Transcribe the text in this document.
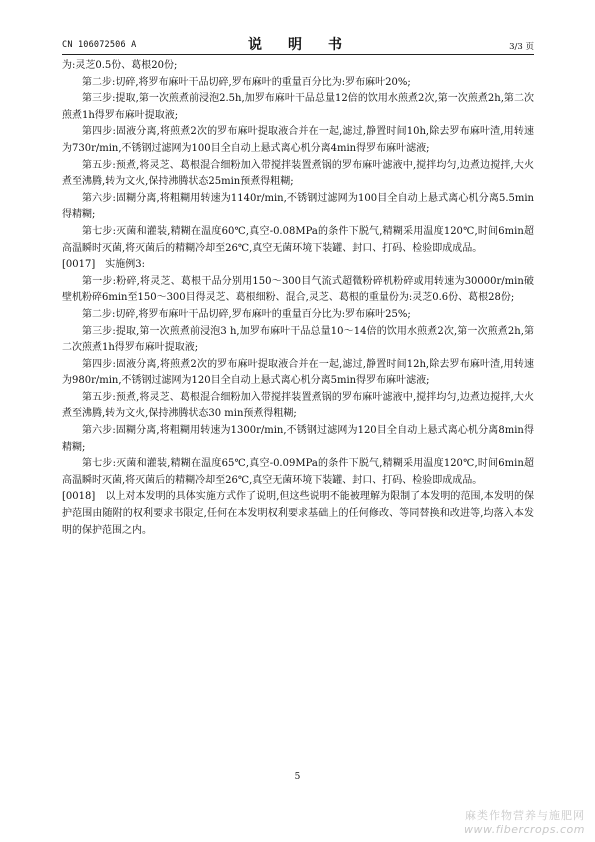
CN 106072506 A	说　明　书	3/3 页

为:灵芝0.5份、葛根20份;

第二步:切碎,将罗布麻叶干品切碎,罗布麻叶的重量百分比为:罗布麻叶20%;

第三步:提取,第一次煎煮前浸泡2.5h,加罗布麻叶干品总量12倍的饮用水煎煮2次,第一次煎煮2h,第二次煎煮1h得罗布麻叶提取液;

第四步:固液分离,将煎煮2次的罗布麻叶提取液合并在一起,滤过,静置时间10h,除去罗布麻叶渣,用转速为730r/min,不锈钢过滤网为100目全自动上悬式离心机分离4min得罗布麻叶滤液;

第五步:预煮,将灵芝、葛根混合细粉加入带搅拌装置煮锅的罗布麻叶滤液中,搅拌均匀,边煮边搅拌,大火煮至沸腾,转为文火,保持沸腾状态25min预煮得粗糊;

第六步:固糊分离,将粗糊用转速为1140r/min,不锈钢过滤网为100目全自动上悬式离心机分离5.5min得精糊;

第七步:灭菌和灌装,精糊在温度60℃,真空-0.08MPa的条件下脱气,精糊采用温度120℃,时间6min超高温瞬时灭菌,将灭菌后的精糊冷却至26℃,真空无菌环境下装罐、封口、打码、检验即成成品。

[0017] 实施例3:

第一步:粉碎,将灵芝、葛根干品分别用150～300目气流式超微粉碎机粉碎或用转速为30000r/min破壁机粉碎6min至150～300目得灵芝、葛根细粉、混合,灵芝、葛根的重量份为:灵芝0.6份、葛根28份;

第二步:切碎,将罗布麻叶干品切碎,罗布麻叶的重量百分比为:罗布麻叶25%;

第三步:提取,第一次煎煮前浸泡3 h,加罗布麻叶干品总量10～14倍的饮用水煎煮2次,第一次煎煮2h,第二次煎煮1h得罗布麻叶提取液;

第四步:固液分离,将煎煮2次的罗布麻叶提取液合并在一起,滤过,静置时间12h,除去罗布麻叶渣,用转速为980r/min,不锈钢过滤网为120目全自动上悬式离心机分离5min得罗布麻叶滤液;

第五步:预煮,将灵芝、葛根混合细粉加入带搅拌装置煮锅的罗布麻叶滤液中,搅拌均匀,边煮边搅拌,大火煮至沸腾,转为文火,保持沸腾状态30 min预煮得粗糊;

第六步:固糊分离,将粗糊用转速为1300r/min,不锈钢过滤网为120目全自动上悬式离心机分离8min得精糊;

第七步:灭菌和灌装,精糊在温度65℃,真空-0.09MPa的条件下脱气,精糊采用温度120℃,时间6min超高温瞬时灭菌,将灭菌后的精糊冷却至26℃,真空无菌环境下装罐、封口、打码、检验即成成品。

[0018] 以上对本发明的具体实施方式作了说明,但这些说明不能被理解为限制了本发明的范围,本发明的保护范围由随附的权利要求书限定,任何在本发明权利要求基础上的任何修改、等同替换和改进等,均落入本发明的保护范围之内。

5
麻类作物营养与施肥网
www.fibercrops.com
